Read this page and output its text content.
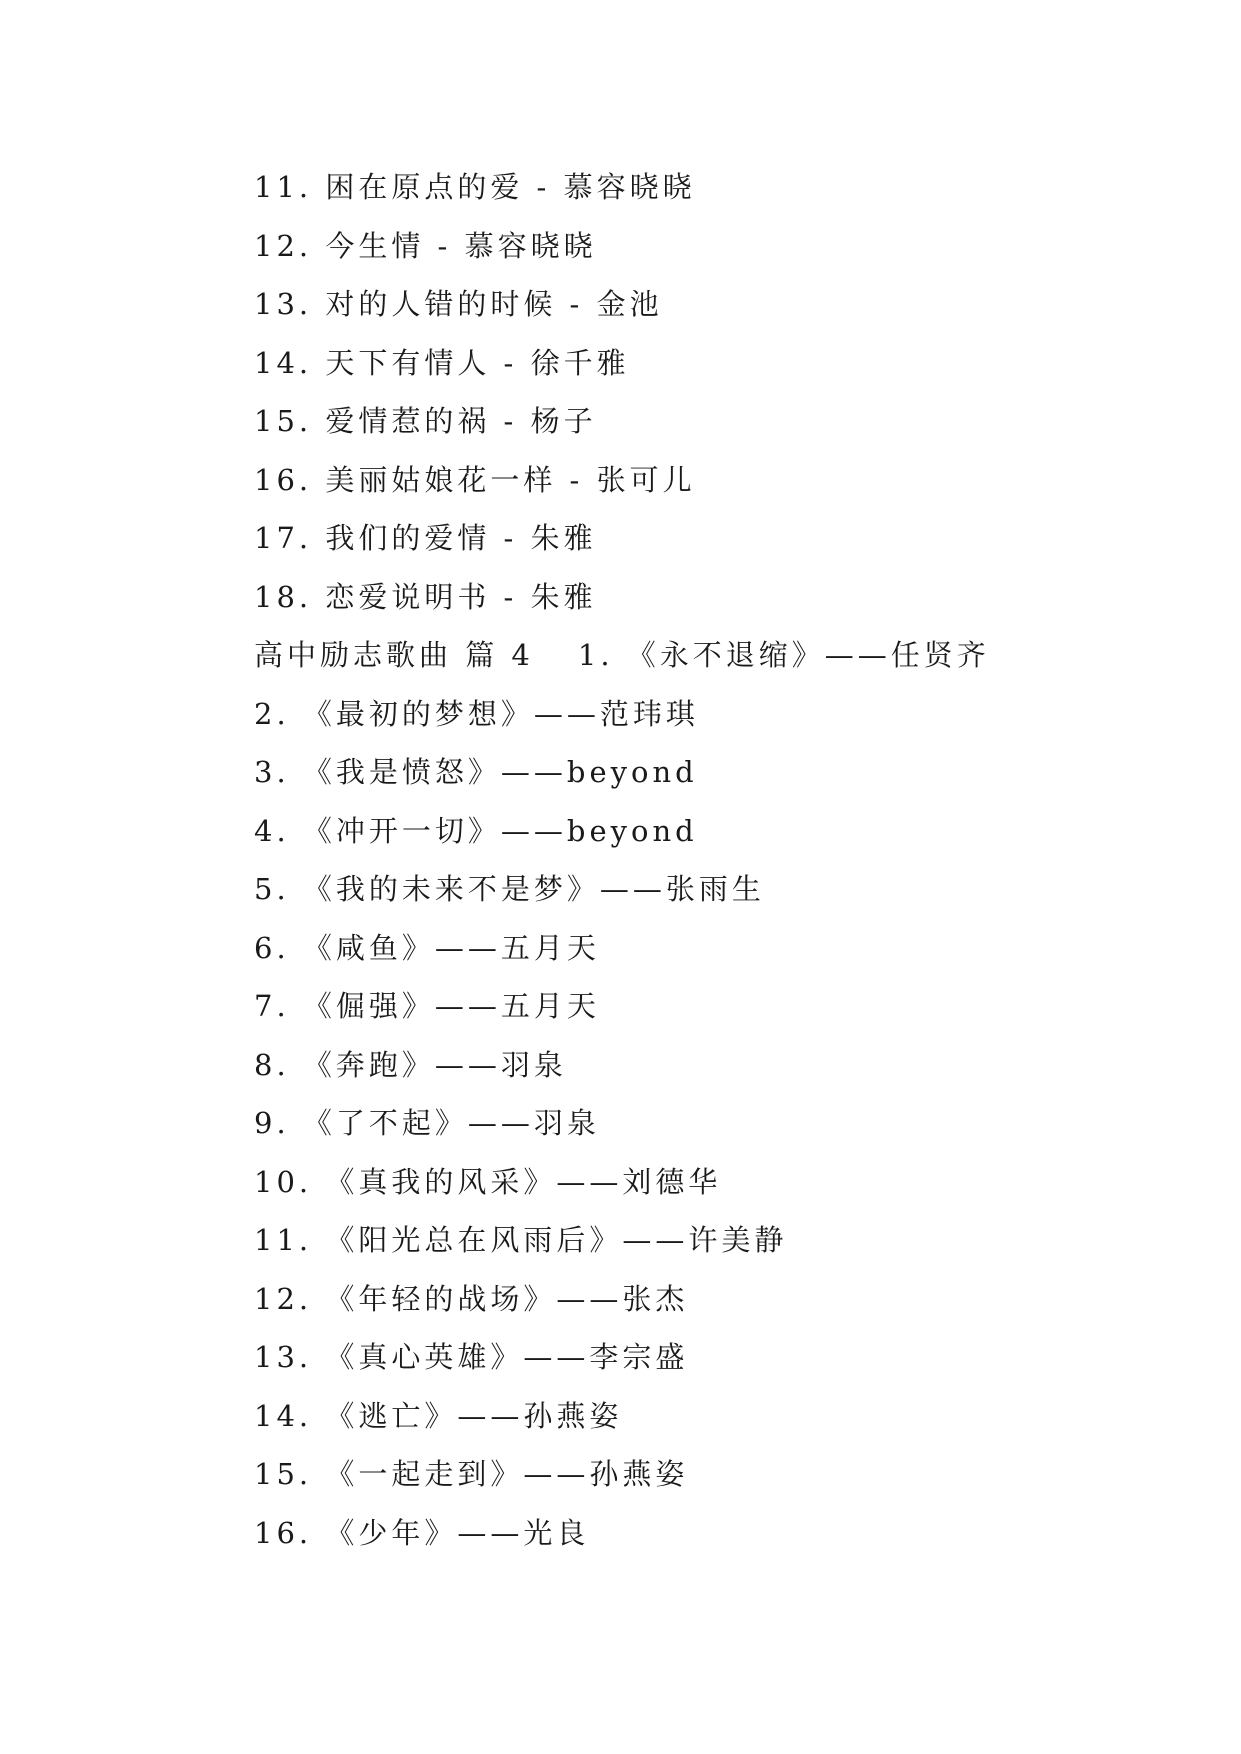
11. 困在原点的爱 - 慕容晓晓
12. 今生情 - 慕容晓晓
13. 对的人错的时候 - 金池
14. 天下有情人 - 徐千雅
15. 爱情惹的祸 - 杨子
16. 美丽姑娘花一样 - 张可儿
17. 我们的爱情 - 朱雅
18. 恋爱说明书 - 朱雅
高中励志歌曲 篇 4 1. 《永不退缩》——任贤齐
2. 《最初的梦想》——范玮琪
3. 《我是愤怒》——beyond
4. 《冲开一切》——beyond
5. 《我的未来不是梦》——张雨生
6. 《咸鱼》——五月天
7. 《倔强》——五月天
8. 《奔跑》——羽泉
9. 《了不起》——羽泉
10. 《真我的风采》——刘德华
11. 《阳光总在风雨后》——许美静
12. 《年轻的战场》——张杰
13. 《真心英雄》——李宗盛
14. 《逃亡》——孙燕姿
15. 《一起走到》——孙燕姿
16. 《少年》——光良
